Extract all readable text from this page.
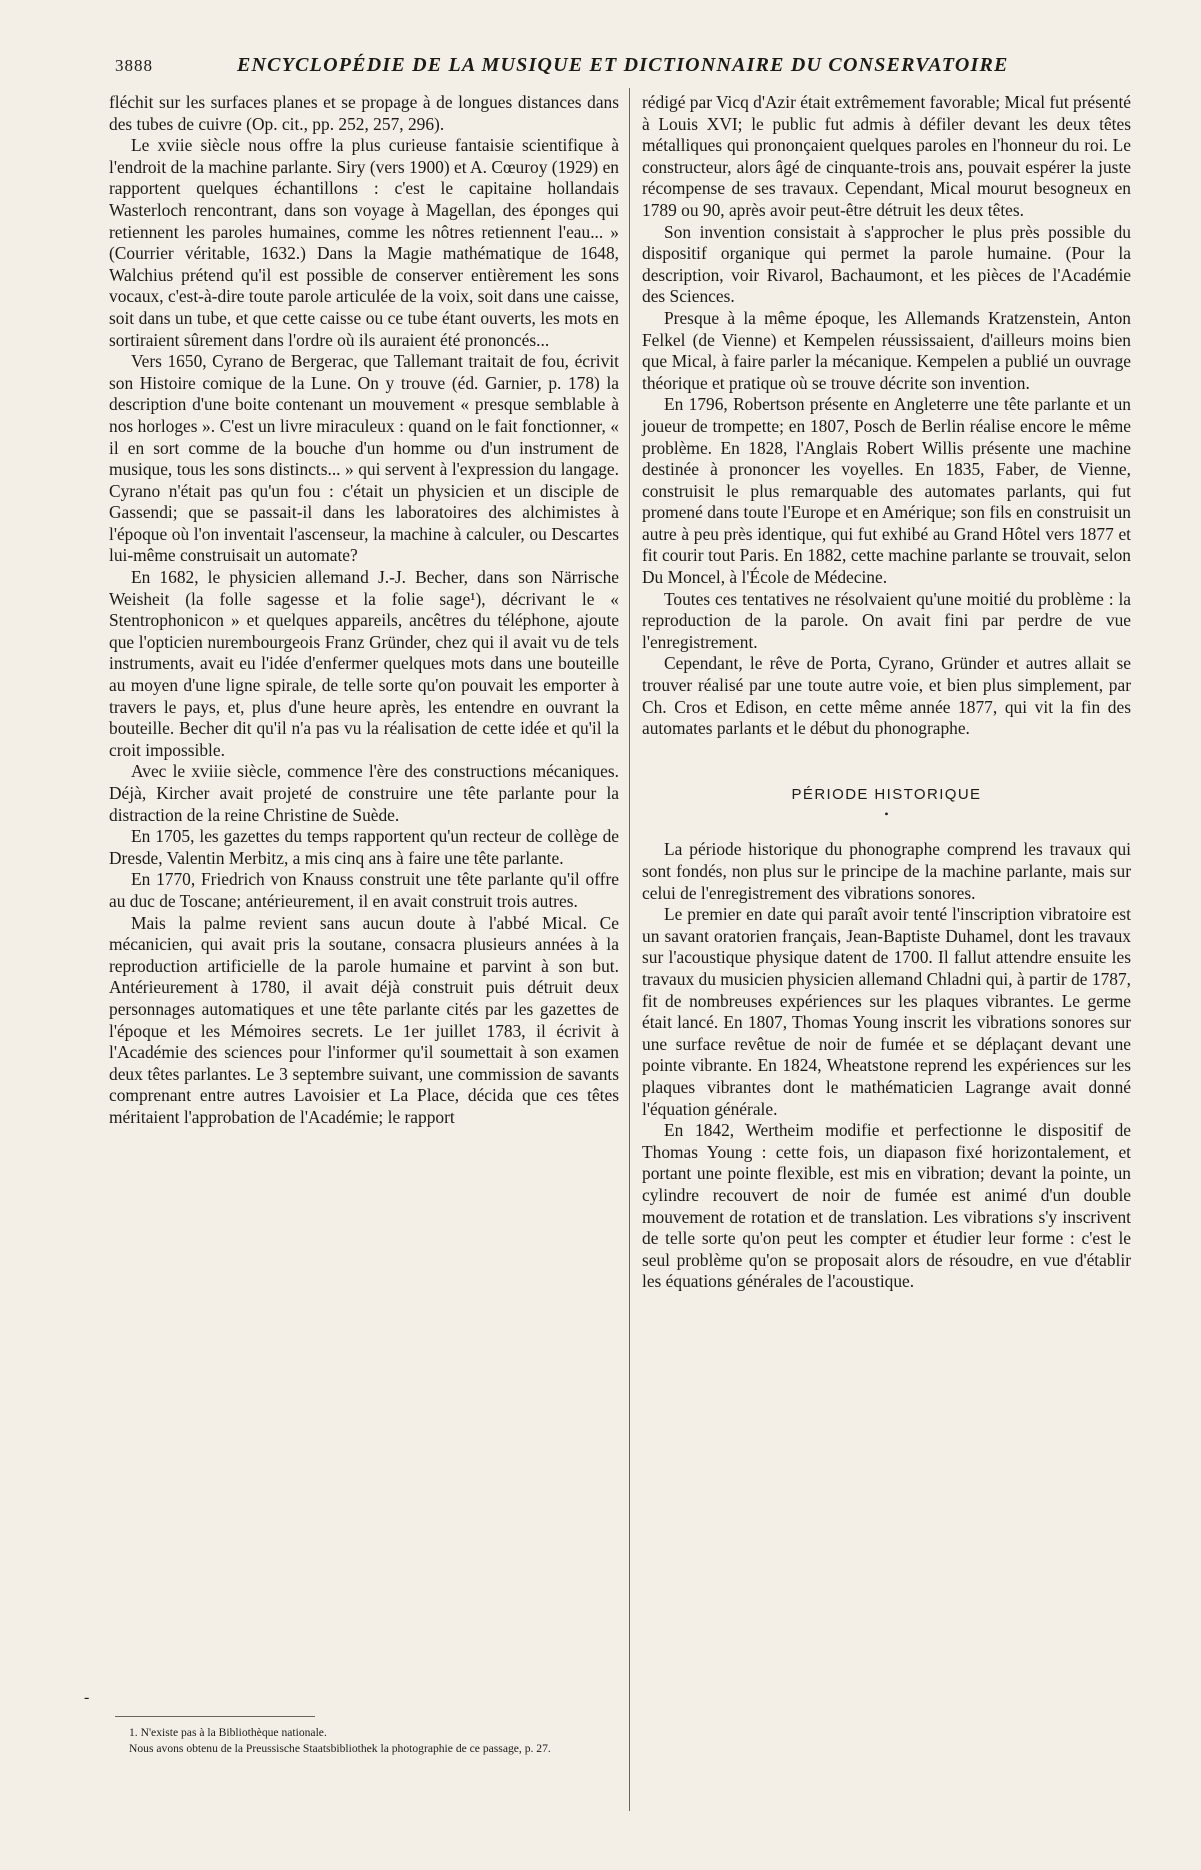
3888	ENCYCLOPÉDIE DE LA MUSIQUE ET DICTIONNAIRE DU CONSERVATOIRE

fléchit sur les surfaces planes et se propage à de longues distances dans des tubes de cuivre (Op. cit., pp. 252, 257, 296).

Le xviie siècle nous offre la plus curieuse fantaisie scientifique à l'endroit de la machine parlante. Siry (vers 1900) et A. Cœuroy (1929) en rapportent quelques échantillons : c'est le capitaine hollandais Wasterloch rencontrant, dans son voyage à Magellan, des éponges qui retiennent les paroles humaines, comme les nôtres retiennent l'eau... » (Courrier véritable, 1632.) Dans la Magie mathématique de 1648, Walchius prétend qu'il est possible de conserver entièrement les sons vocaux, c'est-à-dire toute parole articulée de la voix, soit dans une caisse, soit dans un tube, et que cette caisse ou ce tube étant ouverts, les mots en sortiraient sûrement dans l'ordre où ils auraient été prononcés...

Vers 1650, Cyrano de Bergerac, que Tallemant traitait de fou, écrivit son Histoire comique de la Lune. On y trouve (éd. Garnier, p. 178) la description d'une boite contenant un mouvement « presque semblable à nos horloges ». C'est un livre miraculeux : quand on le fait fonctionner, « il en sort comme de la bouche d'un homme ou d'un instrument de musique, tous les sons distincts... » qui servent à l'expression du langage. Cyrano n'était pas qu'un fou : c'était un physicien et un disciple de Gassendi; que se passait-il dans les laboratoires des alchimistes à l'époque où l'on inventait l'ascenseur, la machine à calculer, ou Descartes lui-même construisait un automate?

En 1682, le physicien allemand J.-J. Becher, dans son Närrische Weisheit (la folle sagesse et la folie sage¹), décrivant le « Stentrophonicon » et quelques appareils, ancêtres du téléphone, ajoute que l'opticien nurembourgeois Franz Gründer, chez qui il avait vu de tels instruments, avait eu l'idée d'enfermer quelques mots dans une bouteille au moyen d'une ligne spirale, de telle sorte qu'on pouvait les emporter à travers le pays, et, plus d'une heure après, les entendre en ouvrant la bouteille. Becher dit qu'il n'a pas vu la réalisation de cette idée et qu'il la croit impossible.

Avec le xviiie siècle, commence l'ère des constructions mécaniques. Déjà, Kircher avait projeté de construire une tête parlante pour la distraction de la reine Christine de Suède.

En 1705, les gazettes du temps rapportent qu'un recteur de collège de Dresde, Valentin Merbitz, a mis cinq ans à faire une tête parlante.

En 1770, Friedrich von Knauss construit une tête parlante qu'il offre au duc de Toscane; antérieurement, il en avait construit trois autres.

Mais la palme revient sans aucun doute à l'abbé Mical. Ce mécanicien, qui avait pris la soutane, consacra plusieurs années à la reproduction artificielle de la parole humaine et parvint à son but. Antérieurement à 1780, il avait déjà construit puis détruit deux personnages automatiques et une tête parlante cités par les gazettes de l'époque et les Mémoires secrets. Le 1er juillet 1783, il écrivit à l'Académie des sciences pour l'informer qu'il soumettait à son examen deux têtes parlantes. Le 3 septembre suivant, une commission de savants comprenant entre autres Lavoisier et La Place, décida que ces têtes méritaient l'approbation de l'Académie; le rapport

rédigé par Vicq d'Azir était extrêmement favorable; Mical fut présenté à Louis XVI; le public fut admis à défiler devant les deux têtes métalliques qui prononçaient quelques paroles en l'honneur du roi. Le constructeur, alors âgé de cinquante-trois ans, pouvait espérer la juste récompense de ses travaux. Cependant, Mical mourut besogneux en 1789 ou 90, après avoir peut-être détruit les deux têtes.

Son invention consistait à s'approcher le plus près possible du dispositif organique qui permet la parole humaine. (Pour la description, voir Rivarol, Bachaumont, et les pièces de l'Académie des Sciences.

Presque à la même époque, les Allemands Kratzenstein, Anton Felkel (de Vienne) et Kempelen réussissaient, d'ailleurs moins bien que Mical, à faire parler la mécanique. Kempelen a publié un ouvrage théorique et pratique où se trouve décrite son invention.

En 1796, Robertson présente en Angleterre une tête parlante et un joueur de trompette; en 1807, Posch de Berlin réalise encore le même problème. En 1828, l'Anglais Robert Willis présente une machine destinée à prononcer les voyelles. En 1835, Faber, de Vienne, construisit le plus remarquable des automates parlants, qui fut promené dans toute l'Europe et en Amérique; son fils en construisit un autre à peu près identique, qui fut exhibé au Grand Hôtel vers 1877 et fit courir tout Paris. En 1882, cette machine parlante se trouvait, selon Du Moncel, à l'École de Médecine.

Toutes ces tentatives ne résolvaient qu'une moitié du problème : la reproduction de la parole. On avait fini par perdre de vue l'enregistrement.

Cependant, le rêve de Porta, Cyrano, Gründer et autres allait se trouver réalisé par une toute autre voie, et bien plus simplement, par Ch. Cros et Edison, en cette même année 1877, qui vit la fin des automates parlants et le début du phonographe.

PÉRIODE HISTORIQUE
•

La période historique du phonographe comprend les travaux qui sont fondés, non plus sur le principe de la machine parlante, mais sur celui de l'enregistrement des vibrations sonores.

Le premier en date qui paraît avoir tenté l'inscription vibratoire est un savant oratorien français, Jean-Baptiste Duhamel, dont les travaux sur l'acoustique physique datent de 1700. Il fallut attendre ensuite les travaux du musicien physicien allemand Chladni qui, à partir de 1787, fit de nombreuses expériences sur les plaques vibrantes. Le germe était lancé. En 1807, Thomas Young inscrit les vibrations sonores sur une surface revêtue de noir de fumée et se déplaçant devant une pointe vibrante. En 1824, Wheatstone reprend les expériences sur les plaques vibrantes dont le mathématicien Lagrange avait donné l'équation générale.

En 1842, Wertheim modifie et perfectionne le dispositif de Thomas Young : cette fois, un diapason fixé horizontalement, et portant une pointe flexible, est mis en vibration; devant la pointe, un cylindre recouvert de noir de fumée est animé d'un double mouvement de rotation et de translation. Les vibrations s'y inscrivent de telle sorte qu'on peut les compter et étudier leur forme : c'est le seul problème qu'on se proposait alors de résoudre, en vue d'établir les équations générales de l'acoustique.

-
1. N'existe pas à la Bibliothèque nationale.
Nous avons obtenu de la Preussische Staatsbibliothek la photographie de ce passage, p. 27.
